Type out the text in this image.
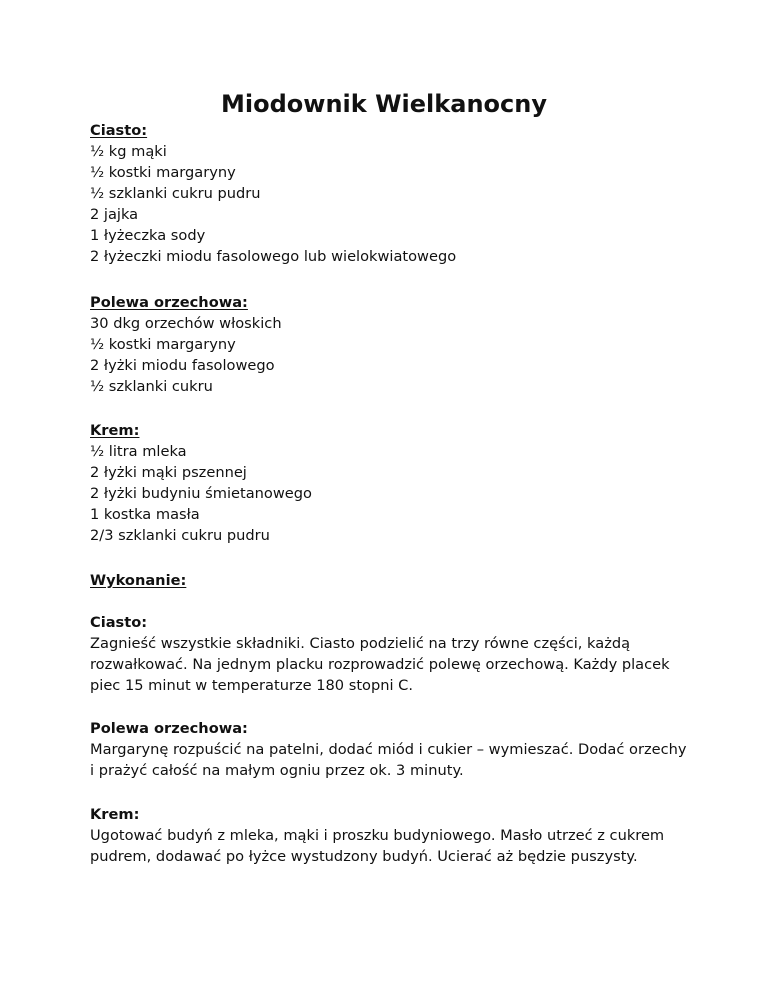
Miodownik Wielkanocny

Ciasto:

½ kg mąki

½ kostki margaryny

½ szklanki cukru pudru

2 jajka

1 łyżeczka sody

2 łyżeczki miodu fasolowego lub wielokwiatowego

Polewa orzechowa:

30 dkg orzechów włoskich

½ kostki margaryny

2 łyżki miodu fasolowego

½ szklanki cukru

Krem:

½ litra mleka

2 łyżki mąki pszennej

2 łyżki budyniu śmietanowego

1 kostka masła

2/3 szklanki cukru pudru

Wykonanie:

Ciasto:

Zagnieść wszystkie składniki. Ciasto podzielić na trzy równe części, każdą rozwałkować. Na jednym placku rozprowadzić polewę orzechową. Każdy placek piec 15 minut w temperaturze 180 stopni C.

Polewa orzechowa:

Margarynę rozpuścić na patelni, dodać miód i cukier – wymieszać. Dodać orzechy i prażyć całość na małym ogniu przez ok. 3 minuty.

Krem:

Ugotować budyń z mleka, mąki i proszku budyniowego. Masło utrzeć z cukrem pudrem, dodawać po łyżce wystudzony budyń. Ucierać aż będzie puszysty.
